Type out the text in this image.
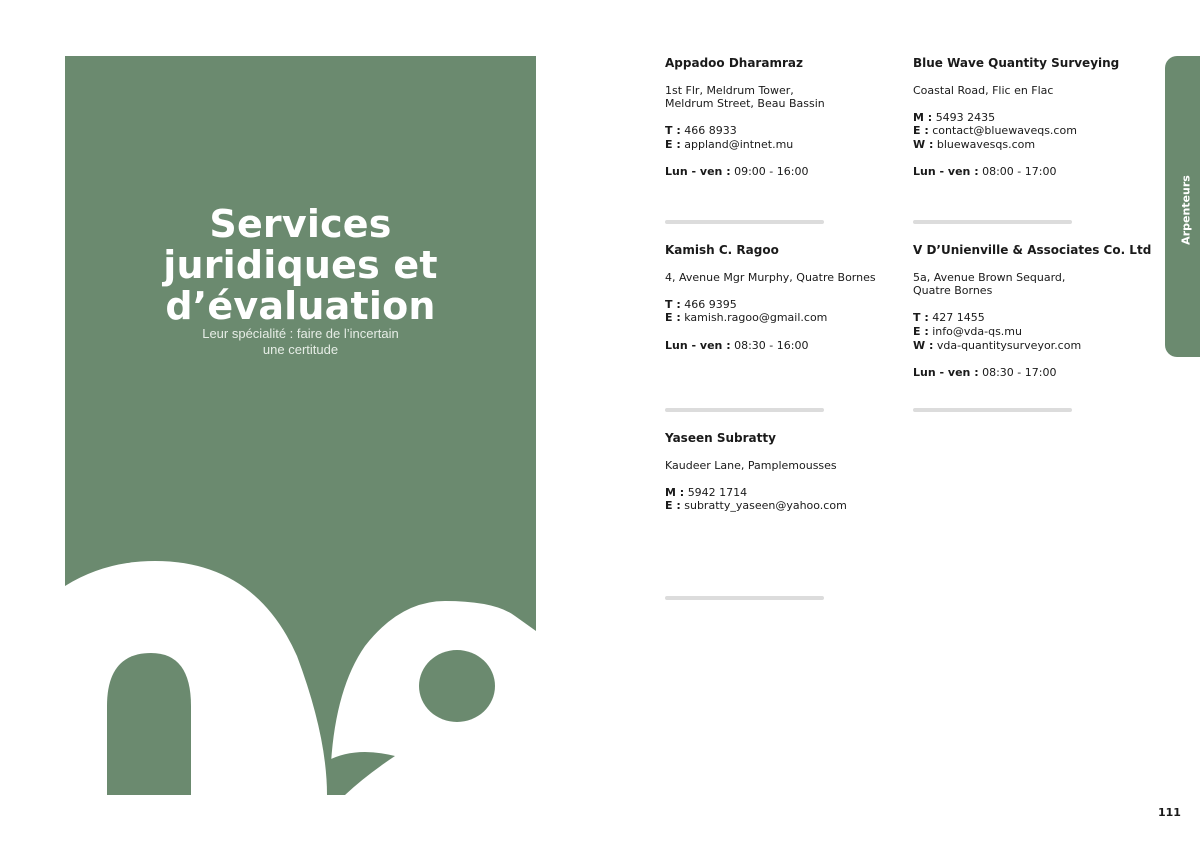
Services
juridiques et
d’évaluation
Leur spécialité : faire de l’incertain
une certitude
Appadoo Dharamraz
1st Flr, Meldrum Tower,
Meldrum Street, Beau Bassin
T : 466 8933
E : appland@intnet.mu
Lun - ven : 09:00 - 16:00
Blue Wave Quantity Surveying
Coastal Road, Flic en Flac
M : 5493 2435
E : contact@bluewaveqs.com
W : bluewavesqs.com
Lun - ven : 08:00 - 17:00
Kamish C. Ragoo
4, Avenue Mgr Murphy, Quatre Bornes
T : 466 9395
E : kamish.ragoo@gmail.com
Lun - ven : 08:30 - 16:00
V D’Unienville & Associates Co. Ltd
5a, Avenue Brown Sequard,
Quatre Bornes
T : 427 1455
E : info@vda-qs.mu
W : vda-quantitysurveyor.com
Lun - ven : 08:30 - 17:00
Yaseen Subratty
Kaudeer Lane, Pamplemousses
M : 5942 1714
E : subratty_yaseen@yahoo.com
Arpenteurs
111
